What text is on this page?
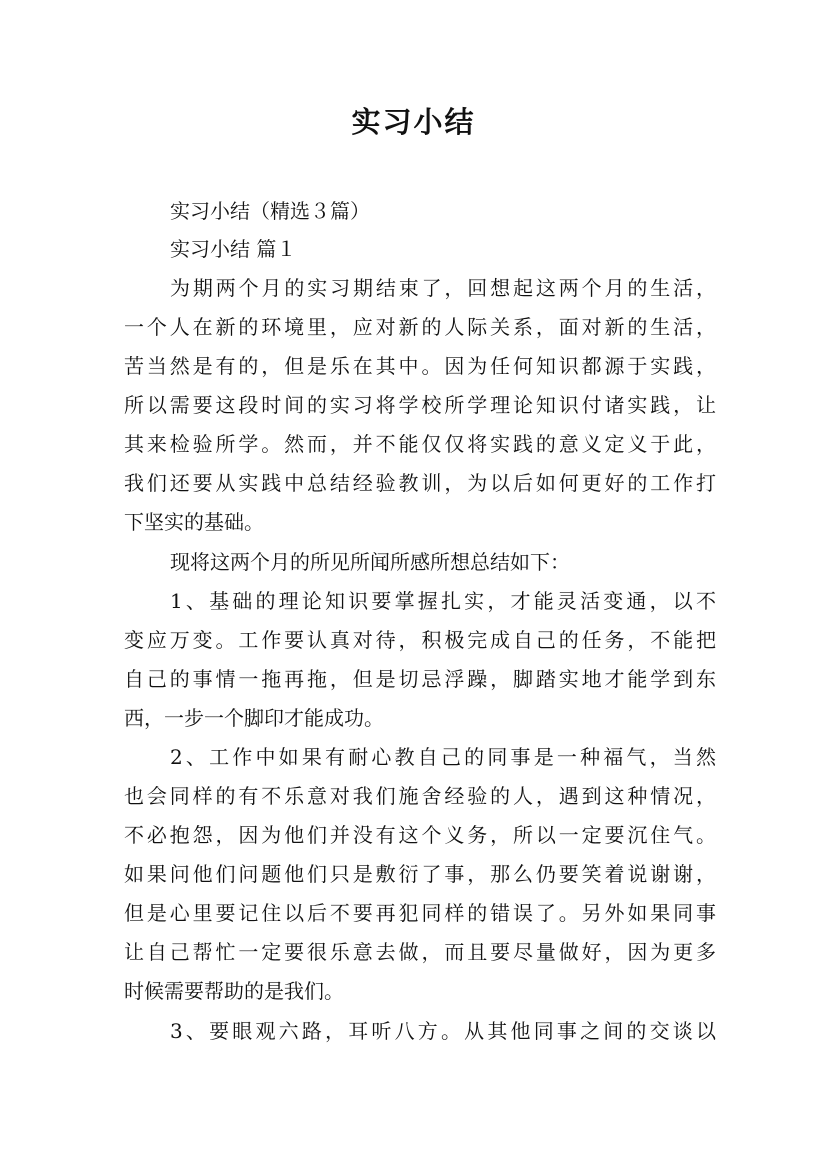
实习小结
实习小结（精选３篇）
实习小结 篇１
为期两个月的实习期结束了，回想起这两个月的生活，
一个人在新的环境里，应对新的人际关系，面对新的生活，
苦当然是有的，但是乐在其中。因为任何知识都源于实践，
所以需要这段时间的实习将学校所学理论知识付诸实践，让
其来检验所学。然而，并不能仅仅将实践的意义定义于此，
我们还要从实践中总结经验教训，为以后如何更好的工作打
下坚实的基础。
现将这两个月的所见所闻所感所想总结如下：
1、基础的理论知识要掌握扎实，才能灵活变通，以不
变应万变。工作要认真对待，积极完成自己的任务，不能把
自己的事情一拖再拖，但是切忌浮躁，脚踏实地才能学到东
西，一步一个脚印才能成功。
2、工作中如果有耐心教自己的同事是一种福气，当然
也会同样的有不乐意对我们施舍经验的人，遇到这种情况，
不必抱怨，因为他们并没有这个义务，所以一定要沉住气。
如果问他们问题他们只是敷衍了事，那么仍要笑着说谢谢，
但是心里要记住以后不要再犯同样的错误了。另外如果同事
让自己帮忙一定要很乐意去做，而且要尽量做好，因为更多
时候需要帮助的是我们。
3、要眼观六路，耳听八方。从其他同事之间的交谈以
